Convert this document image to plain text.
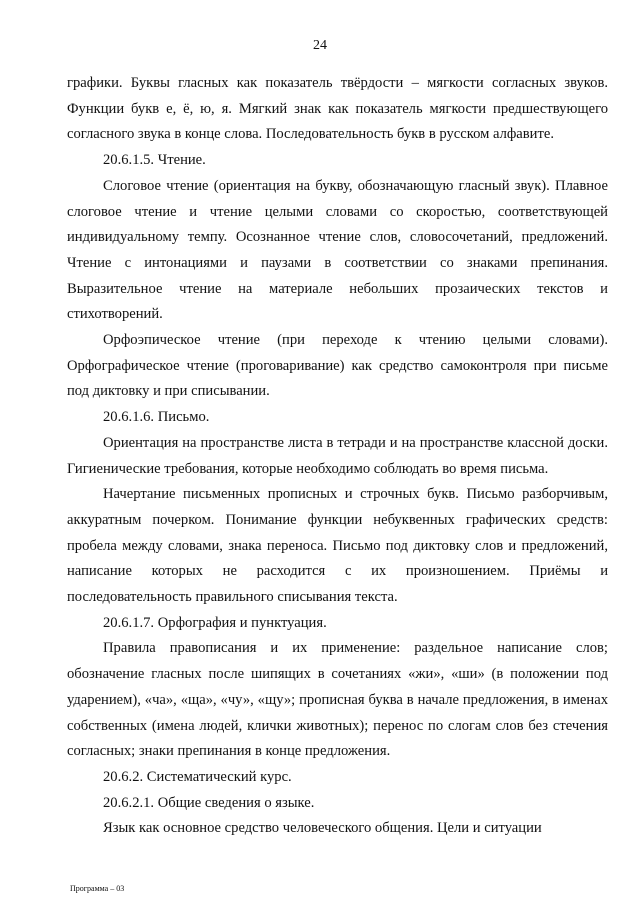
24

графики. Буквы гласных как показатель твёрдости – мягкости согласных звуков. Функции букв е, ё, ю, я. Мягкий знак как показатель мягкости предшествующего согласного звука в конце слова. Последовательность букв в русском алфавите.

20.6.1.5. Чтение.

Слоговое чтение (ориентация на букву, обозначающую гласный звук). Плавное слоговое чтение и чтение целыми словами со скоростью, соответствующей индивидуальному темпу. Осознанное чтение слов, словосочетаний, предложений. Чтение с интонациями и паузами в соответствии со знаками препинания. Выразительное чтение на материале небольших прозаических текстов и стихотворений.

Орфоэпическое чтение (при переходе к чтению целыми словами). Орфографическое чтение (проговаривание) как средство самоконтроля при письме под диктовку и при списывании.

20.6.1.6. Письмо.

Ориентация на пространстве листа в тетради и на пространстве классной доски. Гигиенические требования, которые необходимо соблюдать во время письма.

Начертание письменных прописных и строчных букв. Письмо разборчивым, аккуратным почерком. Понимание функции небуквенных графических средств: пробела между словами, знака переноса. Письмо под диктовку слов и предложений, написание которых не расходится с их произношением. Приёмы и последовательность правильного списывания текста.

20.6.1.7. Орфография и пунктуация.

Правила правописания и их применение: раздельное написание слов; обозначение гласных после шипящих в сочетаниях «жи», «ши» (в положении под ударением), «ча», «ща», «чу», «щу»; прописная буква в начале предложения, в именах собственных (имена людей, клички животных); перенос по слогам слов без стечения согласных; знаки препинания в конце предложения.

20.6.2. Систематический курс.

20.6.2.1. Общие сведения о языке.

Язык как основное средство человеческого общения. Цели и ситуации

Программа – 03
